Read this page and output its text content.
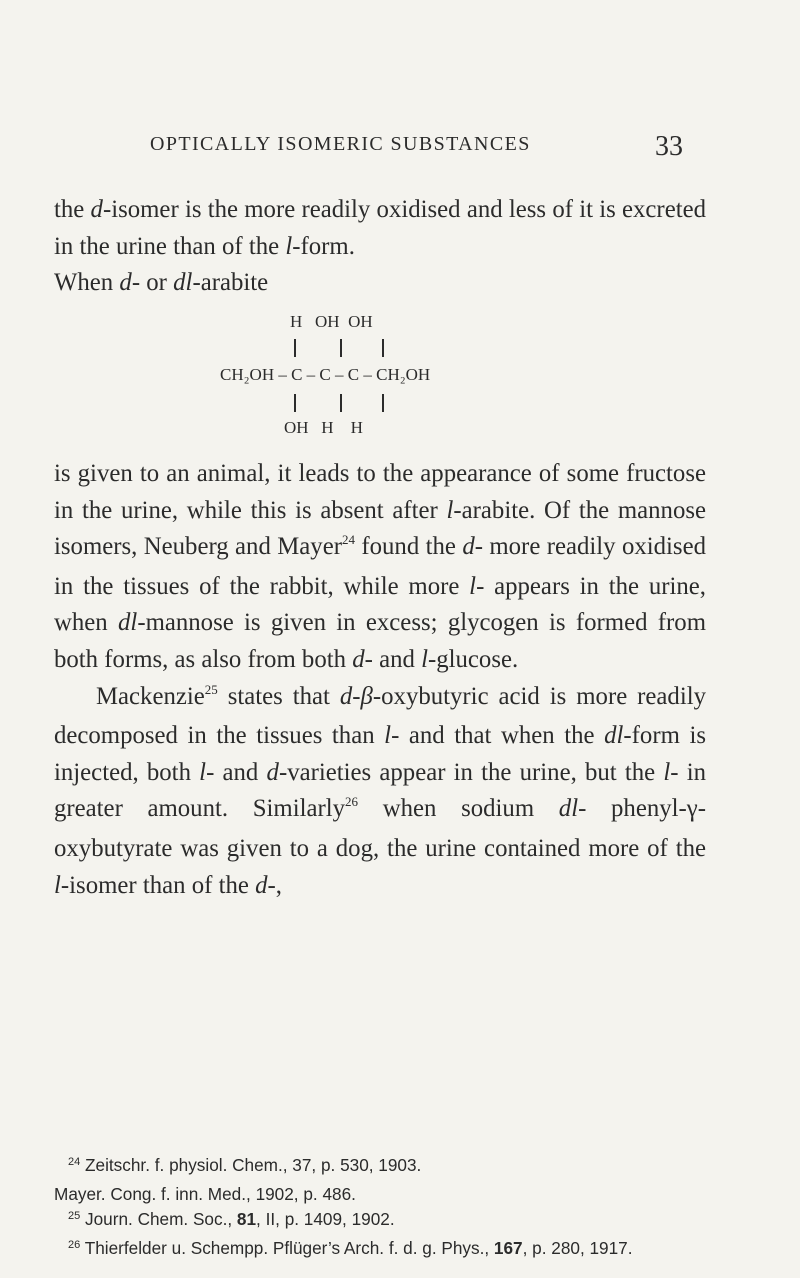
OPTICALLY ISOMERIC SUBSTANCES	33

the d-isomer is the more readily oxidised and less of it is excreted in the urine than of the l-form.

When d- or dl-arabite

H   OH  OH
CH₂OH – C – C – C – CH₂OH
OH   H    H

is given to an animal, it leads to the appearance of some fructose in the urine, while this is absent after l-arabite. Of the mannose isomers, Neuberg and Mayer$^{24}$ found the d- more readily oxidised in the tissues of the rabbit, while more l- appears in the urine, when dl-mannose is given in excess; glycogen is formed from both forms, as also from both d- and l-glucose.

Mackenzie$^{25}$ states that d-β-oxybutyric acid is more readily decomposed in the tissues than l- and that when the dl-form is injected, both l- and d-varieties appear in the urine, but the l- in greater amount. Similarly$^{26}$ when sodium dl- phenyl-γ-oxybutyrate was given to a dog, the urine contained more of the l-isomer than of the d-,

$^{24}$ Zeitschr. f. physiol. Chem., 37, p. 530, 1903.

Mayer. Cong. f. inn. Med., 1902, p. 486.

$^{25}$ Journ. Chem. Soc., 81, II, p. 1409, 1902.

$^{26}$ Thierfelder u. Schempp. Pflüger’s Arch. f. d. g. Phys., 167, p. 280, 1917.
